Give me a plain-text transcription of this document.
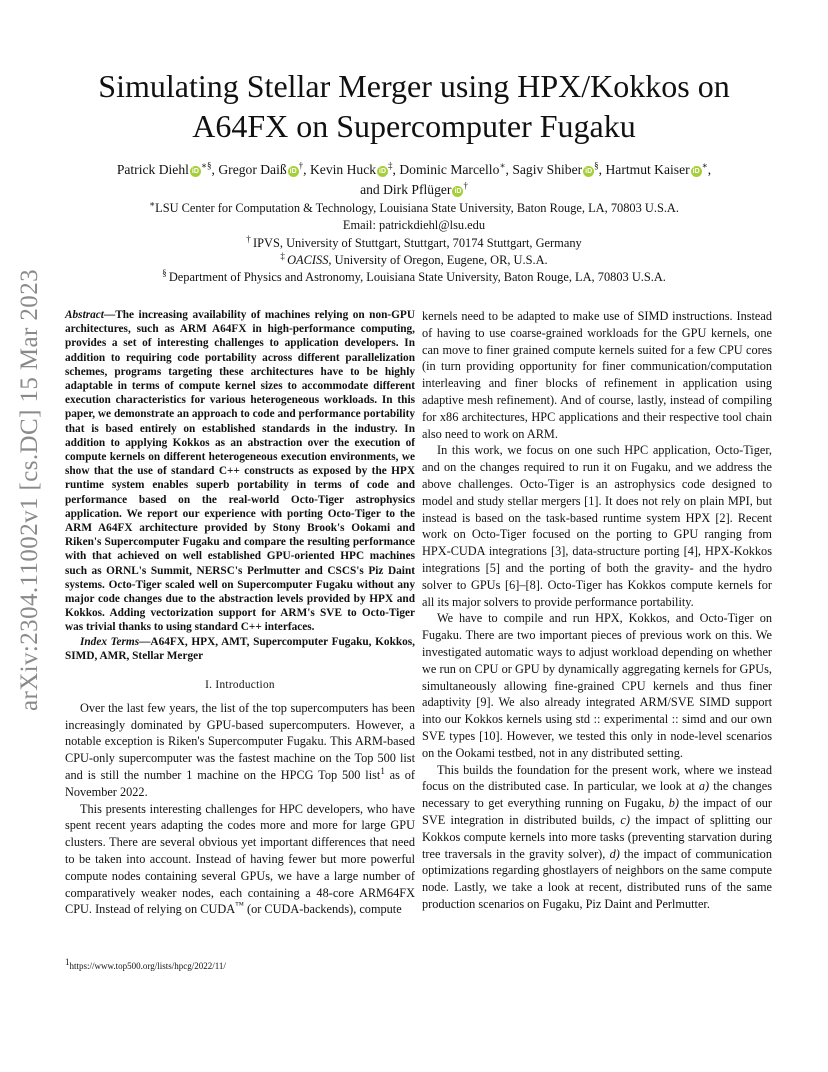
arXiv:2304.11002v1 [cs.DC] 15 Mar 2023
Simulating Stellar Merger using HPX/Kokkos on A64FX on Supercomputer Fugaku
Patrick Diehl iD∗§, Gregor Daiß iD†, Kevin Huck iD‡, Dominic Marcello∗, Sagiv Shiber iD§, Hartmut Kaiser iD∗,
and Dirk Pflüger iD†
∗LSU Center for Computation & Technology, Louisiana State University, Baton Rouge, LA, 70803 U.S.A.
Email: patrickdiehl@lsu.edu
† IPVS, University of Stuttgart, Stuttgart, 70174 Stuttgart, Germany
‡ OACISS, University of Oregon, Eugene, OR, U.S.A.
§ Department of Physics and Astronomy, Louisiana State University, Baton Rouge, LA, 70803 U.S.A.

Abstract—The increasing availability of machines relying on non-GPU architectures, such as ARM A64FX in high-performance computing, provides a set of interesting challenges to application developers. In addition to requiring code portability across different parallelization schemes, programs targeting these architectures have to be highly adaptable in terms of compute kernel sizes to accommodate different execution characteristics for various heterogeneous workloads. In this paper, we demonstrate an approach to code and performance portability that is based entirely on established standards in the industry. In addition to applying Kokkos as an abstraction over the execution of compute kernels on different heterogeneous execution environments, we show that the use of standard C++ constructs as exposed by the HPX runtime system enables superb portability in terms of code and performance based on the real-world Octo-Tiger astrophysics application. We report our experience with porting Octo-Tiger to the ARM A64FX architecture provided by Stony Brook's Ookami and Riken's Supercomputer Fugaku and compare the resulting performance with that achieved on well established GPU-oriented HPC machines such as ORNL's Summit, NERSC's Perlmutter and CSCS's Piz Daint systems. Octo-Tiger scaled well on Supercomputer Fugaku without any major code changes due to the abstraction levels provided by HPX and Kokkos. Adding vectorization support for ARM's SVE to Octo-Tiger was trivial thanks to using standard C++ interfaces.

Index Terms—A64FX, HPX, AMT, Supercomputer Fugaku, Kokkos, SIMD, AMR, Stellar Merger

I. Introduction

Over the last few years, the list of the top supercomputers has been increasingly dominated by GPU-based supercomputers. However, a notable exception is Riken's Supercomputer Fugaku. This ARM-based CPU-only supercomputer was the fastest machine on the Top 500 list and is still the number 1 machine on the HPCG Top 500 list$^1$ as of November 2022.

This presents interesting challenges for HPC developers, who have spent recent years adapting the codes more and more for large GPU clusters. There are several obvious yet important differences that need to be taken into account. Instead of having fewer but more powerful compute nodes containing several GPUs, we have a large number of comparatively weaker nodes, each containing a 48-core ARM64FX CPU. Instead of relying on CUDA™ (or CUDA-backends), compute

$^1$https://www.top500.org/lists/hpcg/2022/11/

kernels need to be adapted to make use of SIMD instructions. Instead of having to use coarse-grained workloads for the GPU kernels, one can move to finer grained compute kernels suited for a few CPU cores (in turn providing opportunity for finer communication/computation interleaving and finer blocks of refinement in application using adaptive mesh refinement). And of course, lastly, instead of compiling for x86 architectures, HPC applications and their respective tool chain also need to work on ARM.

In this work, we focus on one such HPC application, Octo-Tiger, and on the changes required to run it on Fugaku, and we address the above challenges. Octo-Tiger is an astrophysics code designed to model and study stellar mergers [1]. It does not rely on plain MPI, but instead is based on the task-based runtime system HPX [2]. Recent work on Octo-Tiger focused on the porting to GPU ranging from HPX-CUDA integrations [3], data-structure porting [4], HPX-Kokkos integrations [5] and the porting of both the gravity- and the hydro solver to GPUs [6]–[8]. Octo-Tiger has Kokkos compute kernels for all its major solvers to provide performance portability.

We have to compile and run HPX, Kokkos, and Octo-Tiger on Fugaku. There are two important pieces of previous work on this. We investigated automatic ways to adjust workload depending on whether we run on CPU or GPU by dynamically aggregating kernels for GPUs, simultaneously allowing fine-grained CPU kernels and thus finer adaptivity [9]. We also already integrated ARM/SVE SIMD support into our Kokkos kernels using std :: experimental :: simd and our own SVE types [10]. However, we tested this only in node-level scenarios on the Ookami testbed, not in any distributed setting.

This builds the foundation for the present work, where we instead focus on the distributed case. In particular, we look at a) the changes necessary to get everything running on Fugaku, b) the impact of our SVE integration in distributed builds, c) the impact of splitting our Kokkos compute kernels into more tasks (preventing starvation during tree traversals in the gravity solver), d) the impact of communication optimizations regarding ghostlayers of neighbors on the same compute node. Lastly, we take a look at recent, distributed runs of the same production scenarios on Fugaku, Piz Daint and Perlmutter.
